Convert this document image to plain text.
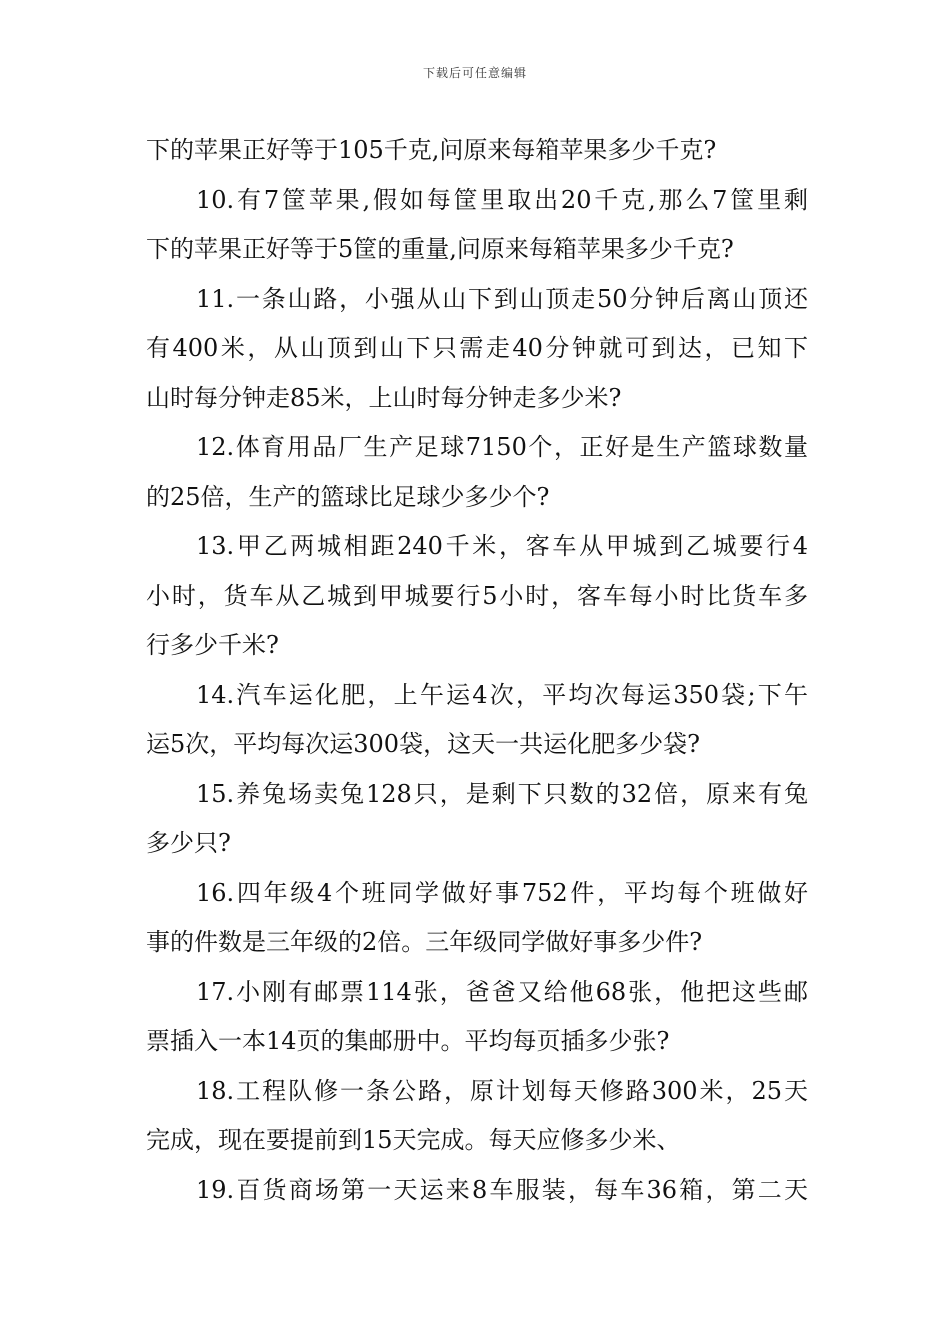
下载后可任意编辑
下的苹果正好等于105千克,问原来每箱苹果多少千克?
10.有7筐苹果,假如每筐里取出20千克,那么7筐里剩
下的苹果正好等于5筐的重量,问原来每箱苹果多少千克?
11.一条山路，小强从山下到山顶走50分钟后离山顶还
有400米，从山顶到山下只需走40分钟就可到达，已知下
山时每分钟走85米，上山时每分钟走多少米?
12.体育用品厂生产足球7150个，正好是生产篮球数量
的25倍，生产的篮球比足球少多少个?
13.甲乙两城相距240千米，客车从甲城到乙城要行4
小时，货车从乙城到甲城要行5小时，客车每小时比货车多
行多少千米?
14.汽车运化肥，上午运4次，平均次每运350袋;下午
运5次，平均每次运300袋，这天一共运化肥多少袋?
15.养兔场卖兔128只，是剩下只数的32倍，原来有兔
多少只?
16.四年级4个班同学做好事752件，平均每个班做好
事的件数是三年级的2倍。三年级同学做好事多少件?
17.小刚有邮票114张，爸爸又给他68张，他把这些邮
票插入一本14页的集邮册中。平均每页插多少张?
18.工程队修一条公路，原计划每天修路300米，25天
完成，现在要提前到15天完成。每天应修多少米、
19.百货商场第一天运来8车服装，每车36箱，第二天
